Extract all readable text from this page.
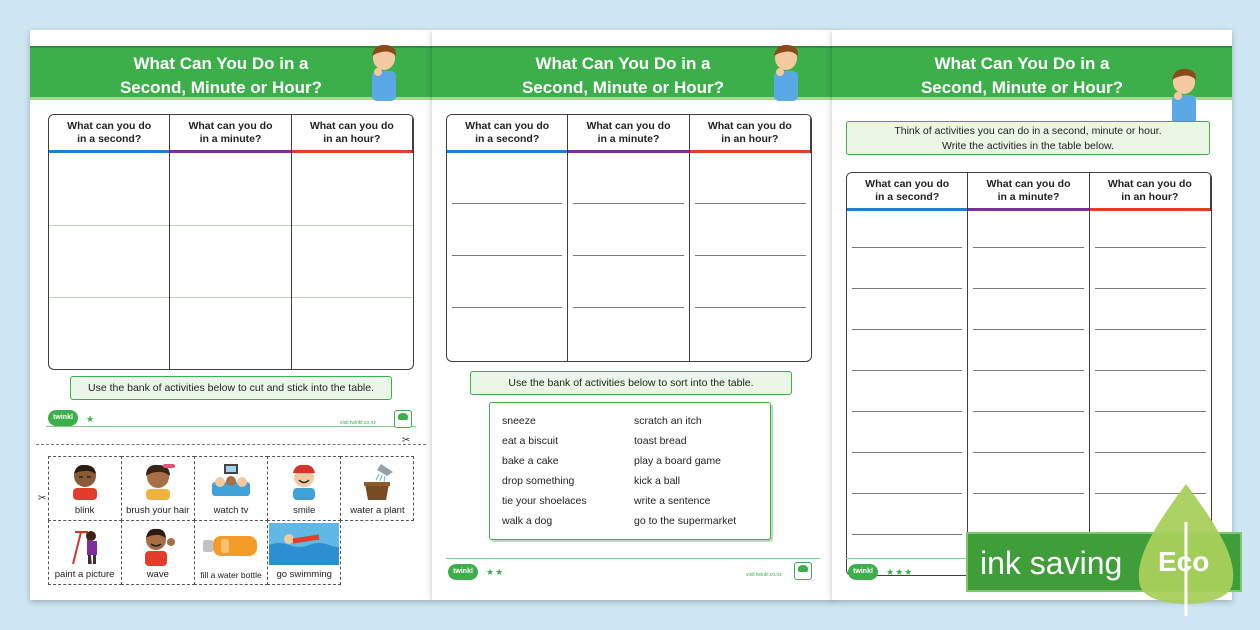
What Can You Do in a
Second, Minute or Hour?
What can you do
in a second?
What can you do
in a minute?
What can you do
in an hour?
Use the bank of activities below to cut and stick into the table.
twinkl	★	visit twinkl.co.nz
✂
✂
blink	brush your hair	watch tv	smile	water a plant
paint a picture	wave	fill a water bottle	go swimming
What Can You Do in a
Second, Minute or Hour?
What can you do
in a second?
What can you do
in a minute?
What can you do
in an hour?
Use the bank of activities below to sort into the table.
sneeze
eat a biscuit
bake a cake
drop something
tie your shoelaces
walk a dog
scratch an itch
toast bread
play a board game
kick a ball
write a sentence
go to the supermarket
twinkl	★★	visit twinkl.co.nz
What Can You Do in a
Second, Minute or Hour?
Think of activities you can do in a second, minute or hour.
Write the activities in the table below.
What can you do
in a second?
What can you do
in a minute?
What can you do
in an hour?
twinkl	★★★ ink saving Eco
